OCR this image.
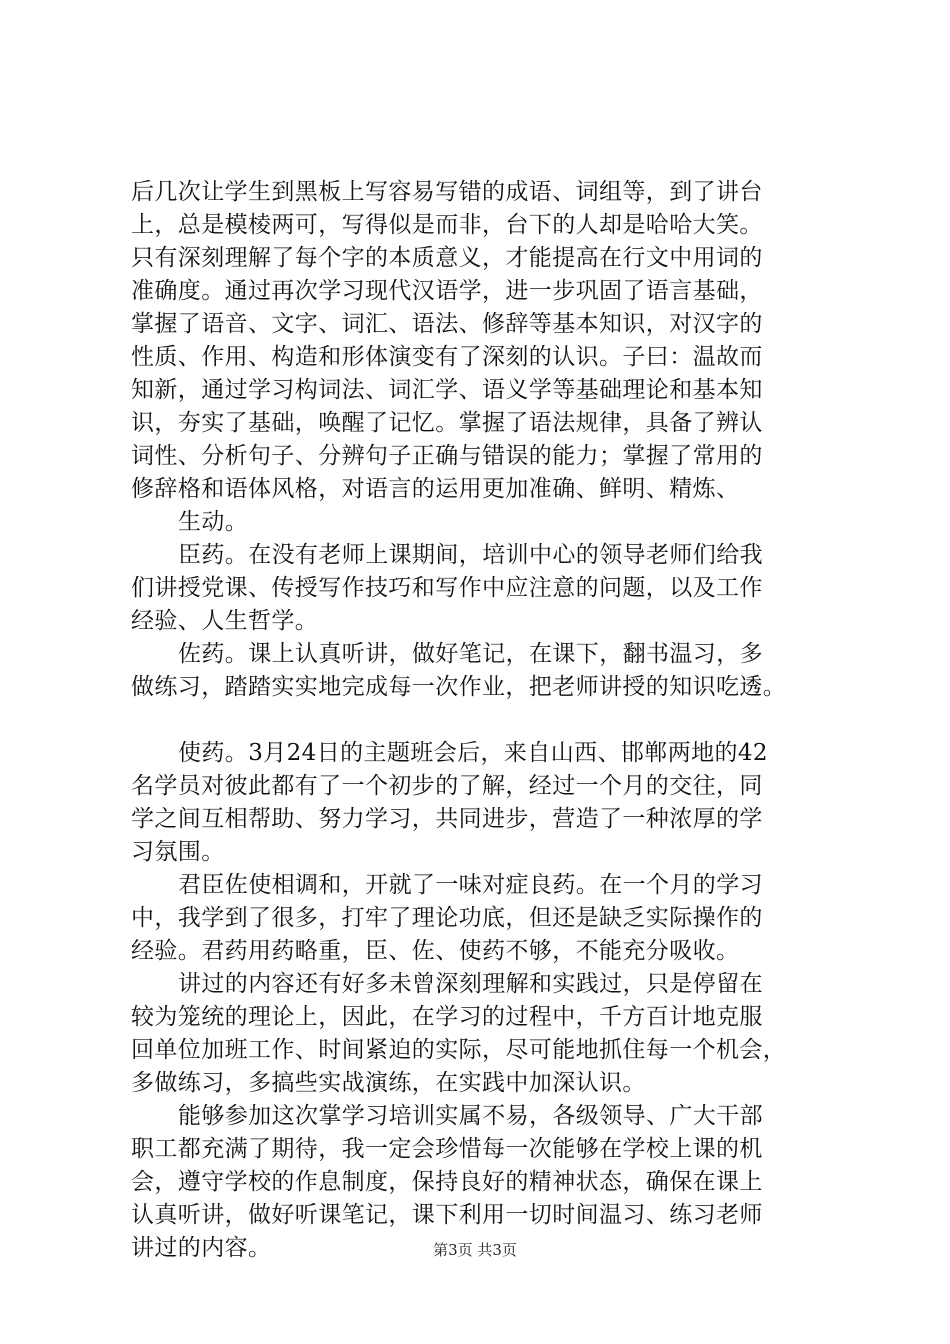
后几次让学生到黑板上写容易写错的成语、词组等，到了讲台
上，总是模棱两可，写得似是而非，台下的人却是哈哈大笑。
只有深刻理解了每个字的本质意义，才能提高在行文中用词的
准确度。通过再次学习现代汉语学，进一步巩固了语言基础，
掌握了语音、文字、词汇、语法、修辞等基本知识，对汉字的
性质、作用、构造和形体演变有了深刻的认识。子曰：温故而
知新，通过学习构词法、词汇学、语义学等基础理论和基本知
识，夯实了基础，唤醒了记忆。掌握了语法规律，具备了辨认
词性、分析句子、分辨句子正确与错误的能力；掌握了常用的
修辞格和语体风格，对语言的运用更加准确、鲜明、精炼、
生动。
臣药。在没有老师上课期间，培训中心的领导老师们给我
们讲授党课、传授写作技巧和写作中应注意的问题，以及工作
经验、人生哲学。
佐药。课上认真听讲，做好笔记，在课下，翻书温习，多
做练习，踏踏实实地完成每一次作业，把老师讲授的知识吃透。
使药。3月24日的主题班会后，来自山西、邯郸两地的42
名学员对彼此都有了一个初步的了解，经过一个月的交往，同
学之间互相帮助、努力学习，共同进步，营造了一种浓厚的学
习氛围。
君臣佐使相调和，开就了一味对症良药。在一个月的学习
中，我学到了很多，打牢了理论功底，但还是缺乏实际操作的
经验。君药用药略重，臣、佐、使药不够，不能充分吸收。
讲过的内容还有好多未曾深刻理解和实践过，只是停留在
较为笼统的理论上，因此，在学习的过程中，千方百计地克服
回单位加班工作、时间紧迫的实际，尽可能地抓住每一个机会，
多做练习，多搞些实战演练，在实践中加深认识。
能够参加这次掌学习培训实属不易，各级领导、广大干部
职工都充满了期待，我一定会珍惜每一次能够在学校上课的机
会，遵守学校的作息制度，保持良好的精神状态，确保在课上
认真听讲，做好听课笔记，课下利用一切时间温习、练习老师
讲过的内容。	第3页 共3页
